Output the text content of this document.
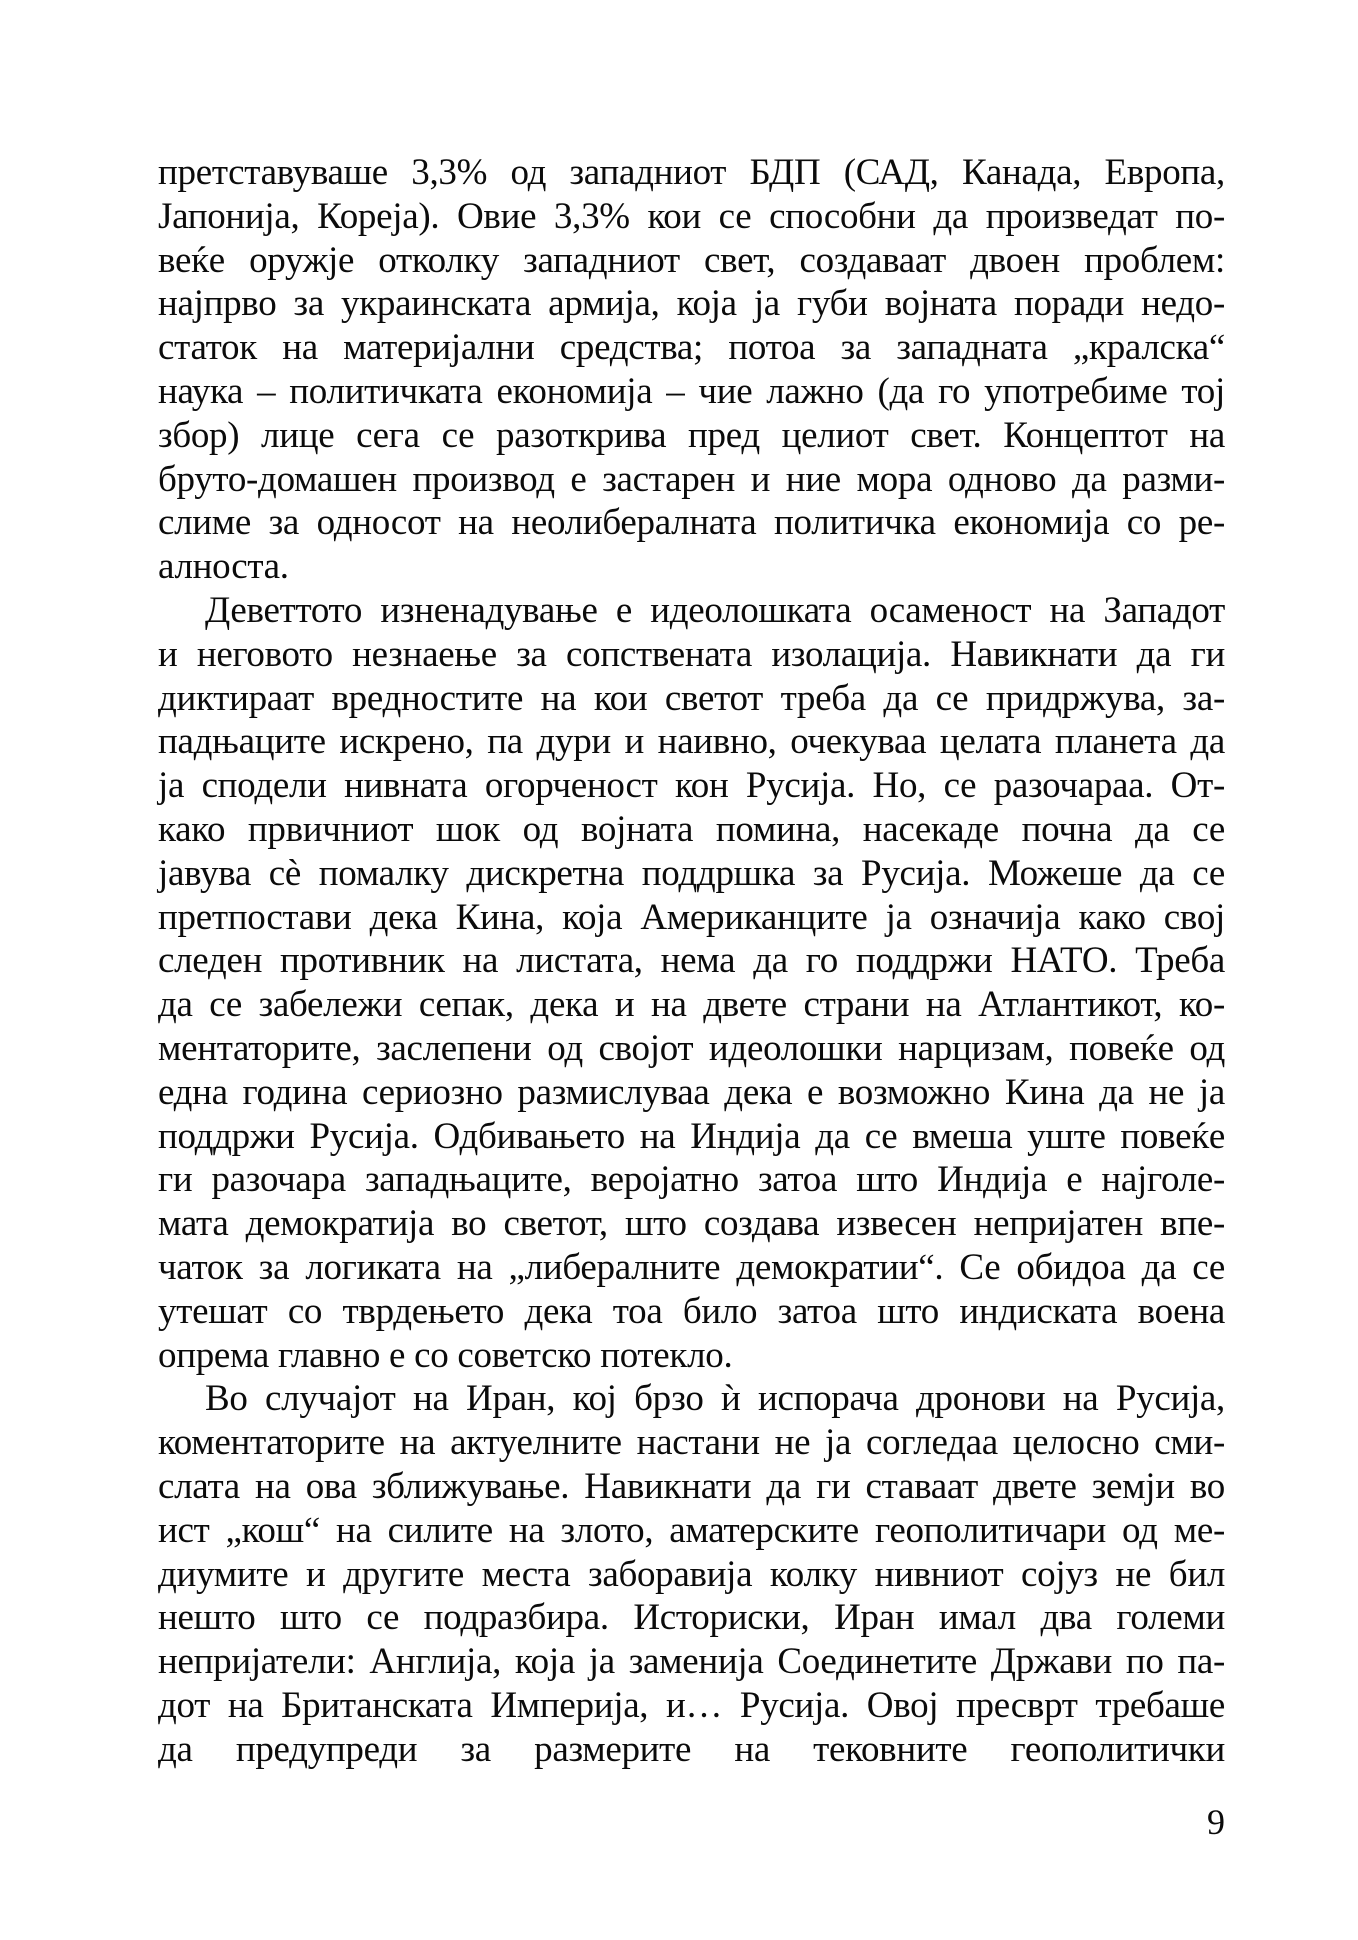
претставуваше 3,3% од западниот БДП (САД, Канада, Европа,
Јапонија, Кореја). Овие 3,3% кои се способни да произведат по-
веќе оружје отколку западниот свет, создаваат двоен проблем:
најпрво за украинската армија, која ја губи војната поради недо-
статок на материјални средства; потоа за западната „кралска“
наука – политичката економија – чие лажно (да го употребиме тој
збор) лице сега се разоткрива пред целиот свет. Концептот на
бруто-домашен производ е застарен и ние мора одново да разми-
слиме за односот на неолибералната политичка економија со ре-
алноста.
Деветтото изненадување е идеолошката осаменост на Западот
и неговото незнаење за сопствената изолација. Навикнати да ги
диктираат вредностите на кои светот треба да се придржува, за-
падњаците искрено, па дури и наивно, очекуваа целата планета да
ја сподели нивната огорченост кон Русија. Но, се разочараа. От-
како првичниот шок од војната помина, насекаде почна да се
јавува сè помалку дискретна поддршка за Русија. Можеше да се
претпостави дека Кина, која Американците ја означија како свој
следен противник на листата, нема да го поддржи НАТО. Треба
да се забележи сепак, дека и на двете страни на Атлантикот, ко-
ментаторите, заслепени од својот идеолошки нарцизам, повеќе од
една година сериозно размислуваа дека е возможно Кина да не ја
поддржи Русија. Одбивањето на Индија да се вмеша уште повеќе
ги разочара западњаците, веројатно затоа што Индија е најголе-
мата демократија во светот, што создава извесен непријатен впе-
чаток за логиката на „либералните демократии“. Се обидоа да се
утешат со тврдењето дека тоа било затоа што индиската воена
опрема главно е со советско потекло.
Во случајот на Иран, кој брзо ѝ испорача дронови на Русија,
коментаторите на актуелните настани не ја согледаа целосно сми-
слата на ова зближување. Навикнати да ги ставаат двете земји во
ист „кош“ на силите на злото, аматерските геополитичари од ме-
диумите и другите места заборавија колку нивниот сојуз не бил
нешто што се подразбира. Историски, Иран имал два големи
непријатели: Англија, која ја заменија Соединетите Држави по па-
дот на Британската Империја, и… Русија. Овој пресврт требаше
да предупреди за размерите на тековните геополитички
9
